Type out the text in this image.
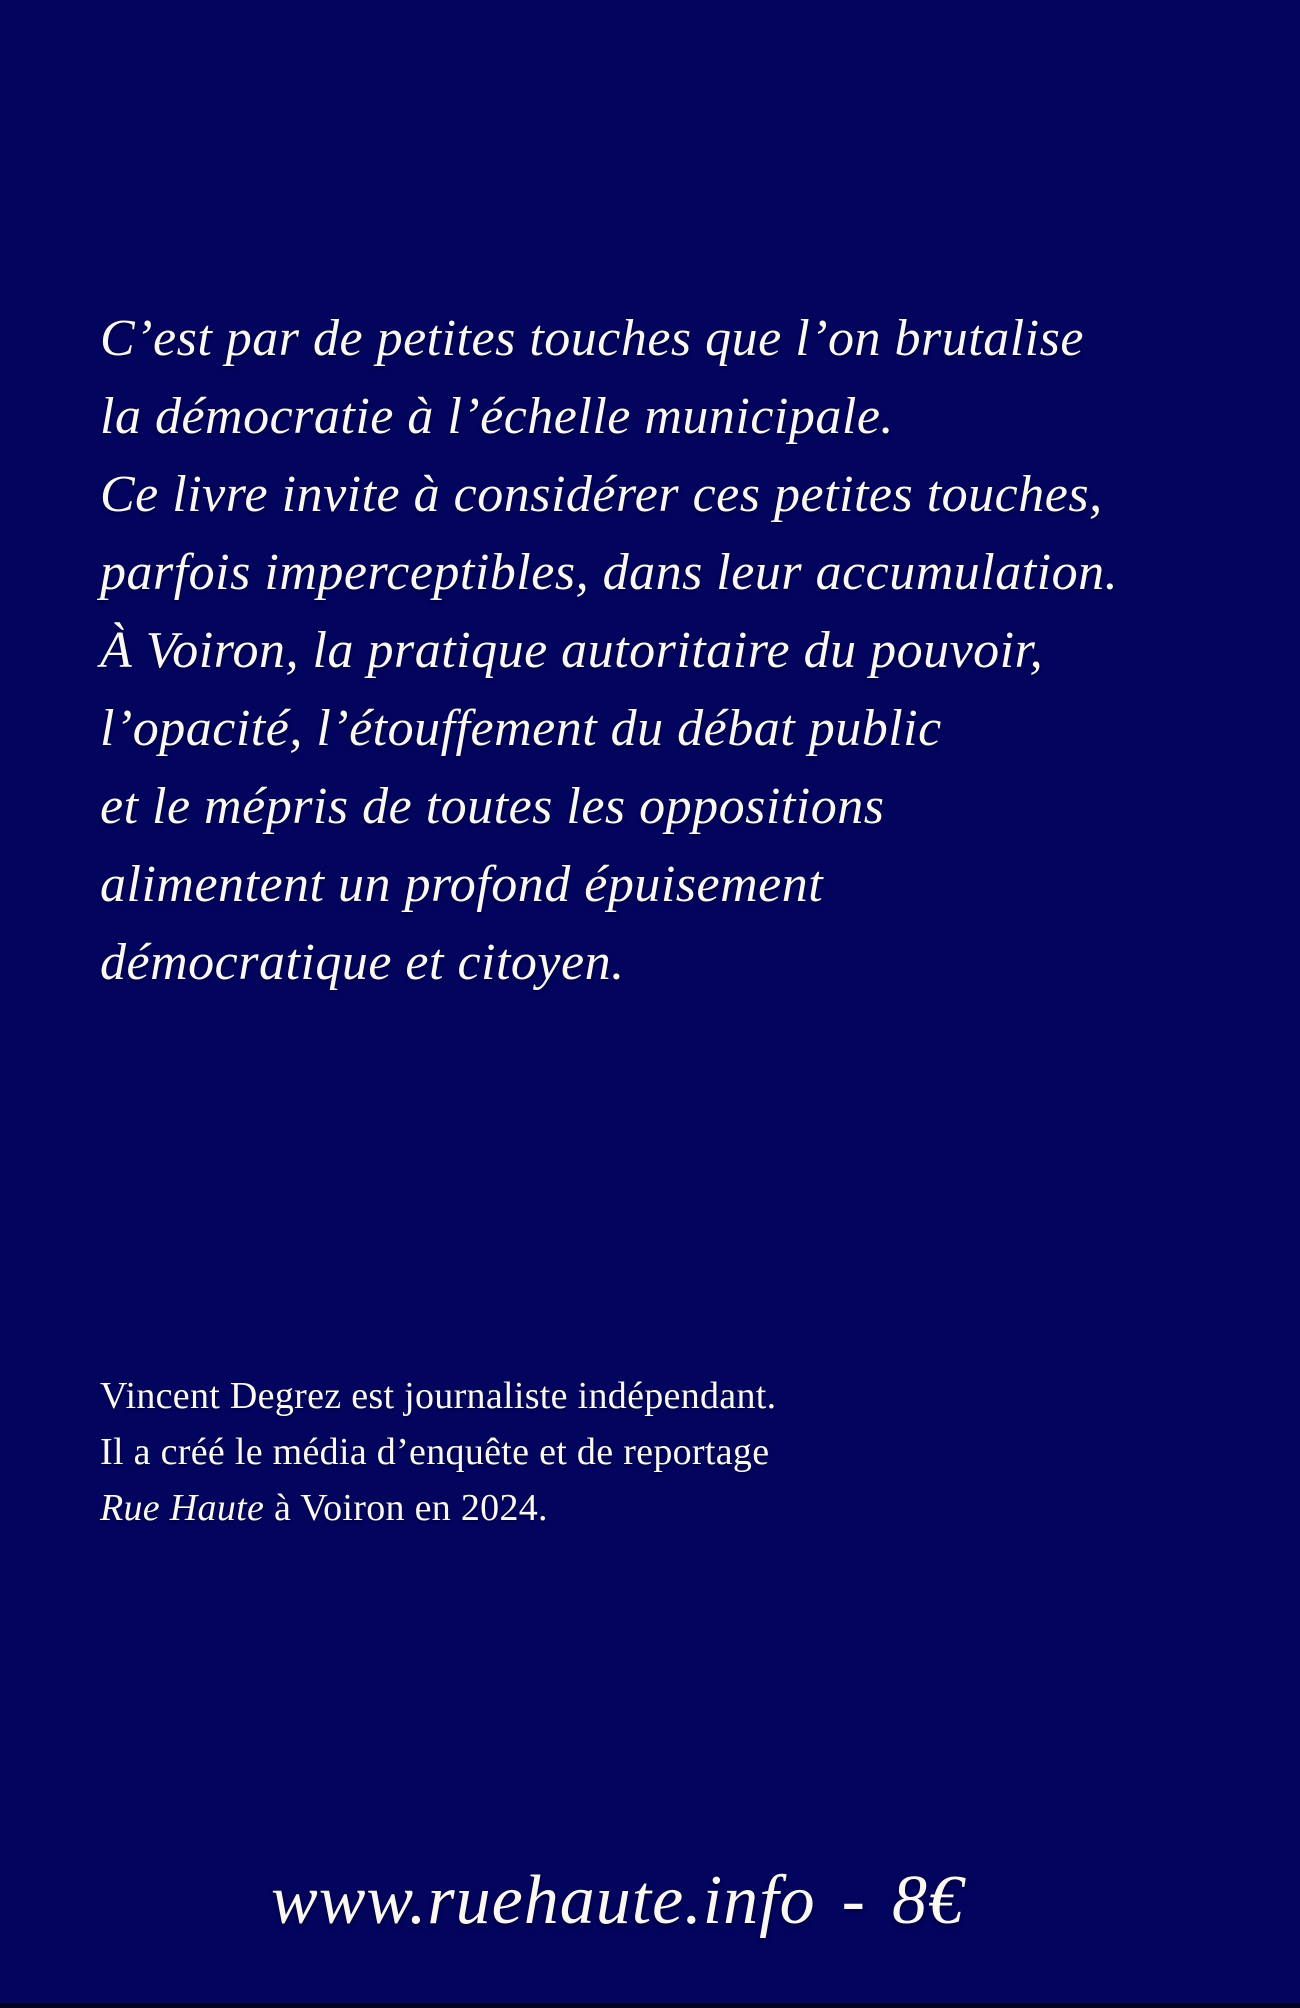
C’est par de petites touches que l’on brutalise
la démocratie à l’échelle municipale.
Ce livre invite à considérer ces petites touches,
parfois imperceptibles, dans leur accumulation.
À Voiron, la pratique autoritaire du pouvoir,
l’opacité, l’étouffement du débat public
et le mépris de toutes les oppositions
alimentent un profond épuisement
démocratique et citoyen.
Vincent Degrez est journaliste indépendant.
Il a créé le média d’enquête et de reportage
Rue Haute à Voiron en 2024.
www.ruehaute.info - 8€
